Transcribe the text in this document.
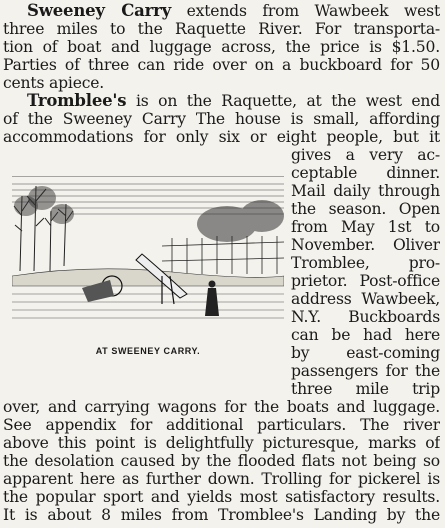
Sweeney Carry extends from Wawbeek west
three miles to the Raquette River. For transporta-
tion of boat and luggage across, the price is $1.50.
Parties of three can ride over on a buckboard for 50
cents apiece.
Tromblee's is on the Raquette, at the west end
of the Sweeney Carry The house is small, affording
accommodations for only six or eight people, but it
gives a very ac-
ceptable dinner.
Mail daily through
the season. Open
from May 1st to
November. Oliver
Tromblee, pro-
prietor. Post-office
address Wawbeek,
N.Y. Buckboards
can be had here
by east-coming
passengers for the
three mile trip
over, and carrying wagons for the boats and luggage.
See appendix for additional particulars. The river
above this point is delightfully picturesque, marks of
the desolation caused by the flooded flats not being so
apparent here as further down. Trolling for pickerel is
the popular sport and yields most satisfactory results.
It is about 8 miles from Tromblee's Landing by the
AT SWEENEY CARRY.
